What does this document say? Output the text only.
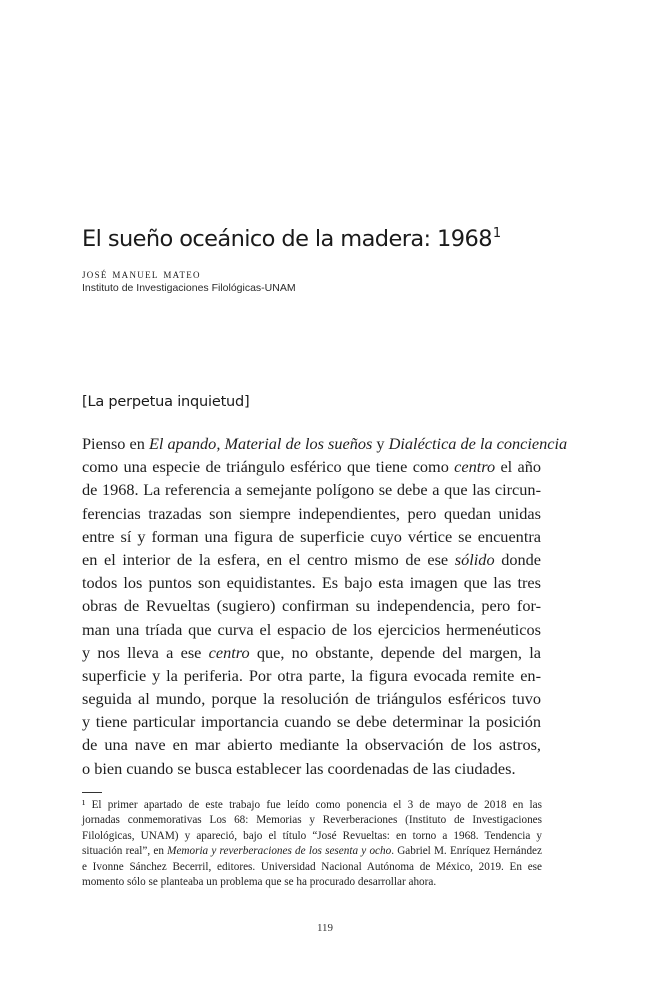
El sueño oceánico de la madera: 1968$^1$
josé manuel mateo
Instituto de Investigaciones Filológicas-UNAM
[La perpetua inquietud]
Pienso en El apando, Material de los sueños y Dialéctica de la conciencia
como una especie de triángulo esférico que tiene como centro el año
de 1968. La referencia a semejante polígono se debe a que las circun-
ferencias trazadas son siempre independientes, pero quedan unidas
entre sí y forman una figura de superficie cuyo vértice se encuentra
en el interior de la esfera, en el centro mismo de ese sólido donde
todos los puntos son equidistantes. Es bajo esta imagen que las tres
obras de Revueltas (sugiero) confirman su independencia, pero for-
man una tríada que curva el espacio de los ejercicios hermenéuticos
y nos lleva a ese centro que, no obstante, depende del margen, la
superficie y la periferia. Por otra parte, la figura evocada remite en-
seguida al mundo, porque la resolución de triángulos esféricos tuvo
y tiene particular importancia cuando se debe determinar la posición
de una nave en mar abierto mediante la observación de los astros,
o bien cuando se busca establecer las coordenadas de las ciudades.
¹ El primer apartado de este trabajo fue leído como ponencia el 3 de mayo de 2018 en las
jornadas conmemorativas Los 68: Memorias y Reverberaciones (Instituto de Investigaciones
Filológicas, UNAM) y apareció, bajo el título “José Revueltas: en torno a 1968. Tendencia y
situación real”, en Memoria y reverberaciones de los sesenta y ocho. Gabriel M. Enríquez Hernández
e Ivonne Sánchez Becerril, editores. Universidad Nacional Autónoma de México, 2019. En ese
momento sólo se planteaba un problema que se ha procurado desarrollar ahora.
119
